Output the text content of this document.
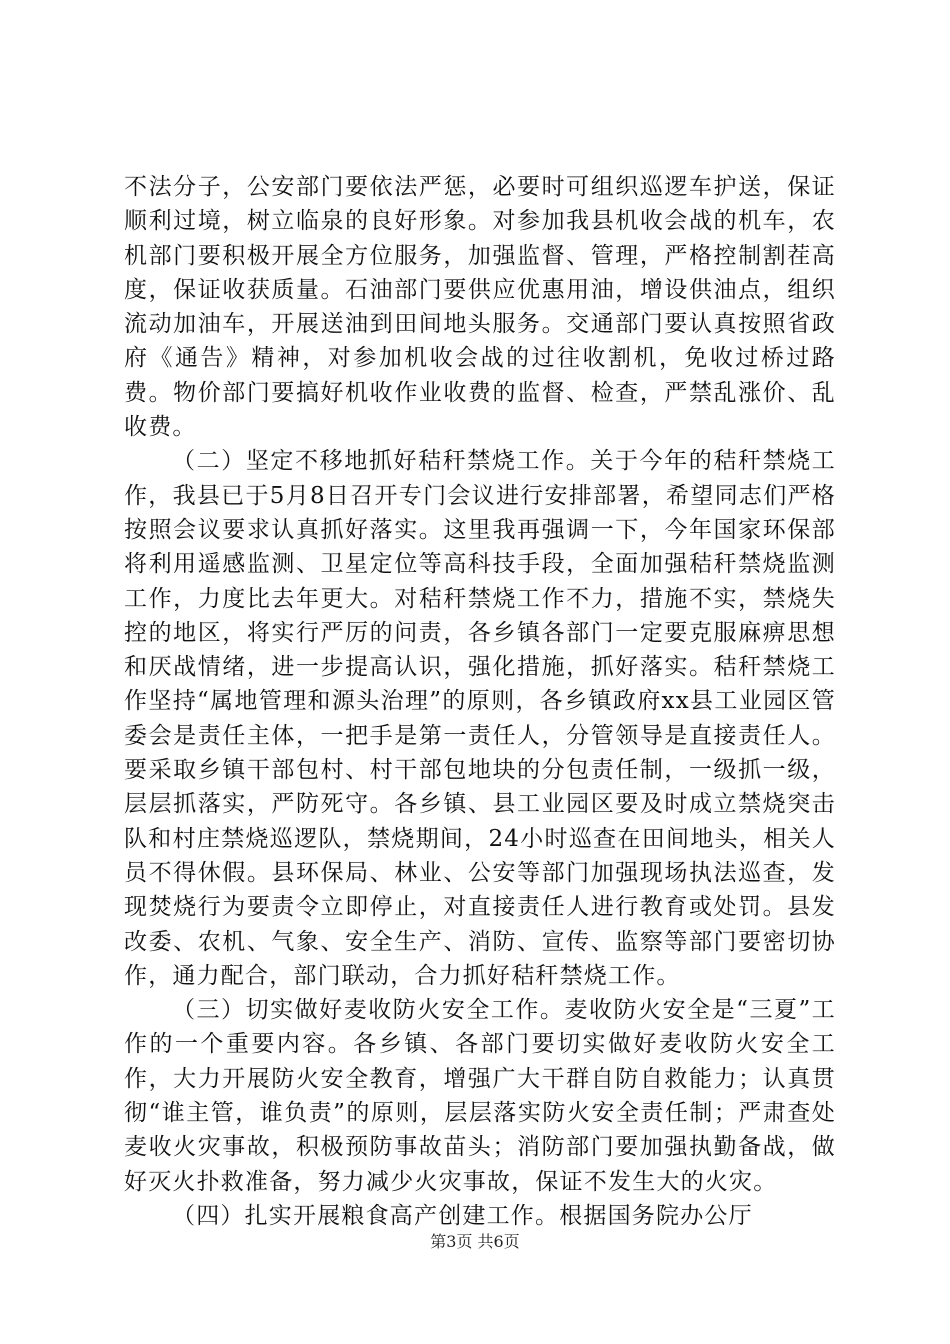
不法分子，公安部门要依法严惩，必要时可组织巡逻车护送，保证顺利过境，树立临泉的良好形象。对参加我县机收会战的机车，农机部门要积极开展全方位服务，加强监督、管理，严格控制割茬高度，保证收获质量。石油部门要供应优惠用油，增设供油点，组织流动加油车，开展送油到田间地头服务。交通部门要认真按照省政府《通告》精神，对参加机收会战的过往收割机，免收过桥过路费。物价部门要搞好机收作业收费的监督、检查，严禁乱涨价、乱收费。

（二）坚定不移地抓好秸秆禁烧工作。关于今年的秸秆禁烧工作，我县已于5月8日召开专门会议进行安排部署，希望同志们严格按照会议要求认真抓好落实。这里我再强调一下，今年国家环保部将利用遥感监测、卫星定位等高科技手段，全面加强秸秆禁烧监测工作，力度比去年更大。对秸秆禁烧工作不力，措施不实，禁烧失控的地区，将实行严厉的问责，各乡镇各部门一定要克服麻痹思想和厌战情绪，进一步提高认识，强化措施，抓好落实。秸秆禁烧工作坚持“属地管理和源头治理”的原则，各乡镇政府xx县工业园区管委会是责任主体，一把手是第一责任人，分管领导是直接责任人。要采取乡镇干部包村、村干部包地块的分包责任制，一级抓一级，层层抓落实，严防死守。各乡镇、县工业园区要及时成立禁烧突击队和村庄禁烧巡逻队，禁烧期间，24小时巡查在田间地头，相关人员不得休假。县环保局、林业、公安等部门加强现场执法巡查，发现焚烧行为要责令立即停止，对直接责任人进行教育或处罚。县发改委、农机、气象、安全生产、消防、宣传、监察等部门要密切协作，通力配合，部门联动，合力抓好秸秆禁烧工作。

（三）切实做好麦收防火安全工作。麦收防火安全是“三夏”工作的一个重要内容。各乡镇、各部门要切实做好麦收防火安全工作，大力开展防火安全教育，增强广大干群自防自救能力；认真贯彻“谁主管，谁负责”的原则，层层落实防火安全责任制；严肃查处麦收火灾事故，积极预防事故苗头；消防部门要加强执勤备战，做好灭火扑救准备，努力减少火灾事故，保证不发生大的火灾。

（四）扎实开展粮食高产创建工作。根据国务院办公厅

第3页 共6页
